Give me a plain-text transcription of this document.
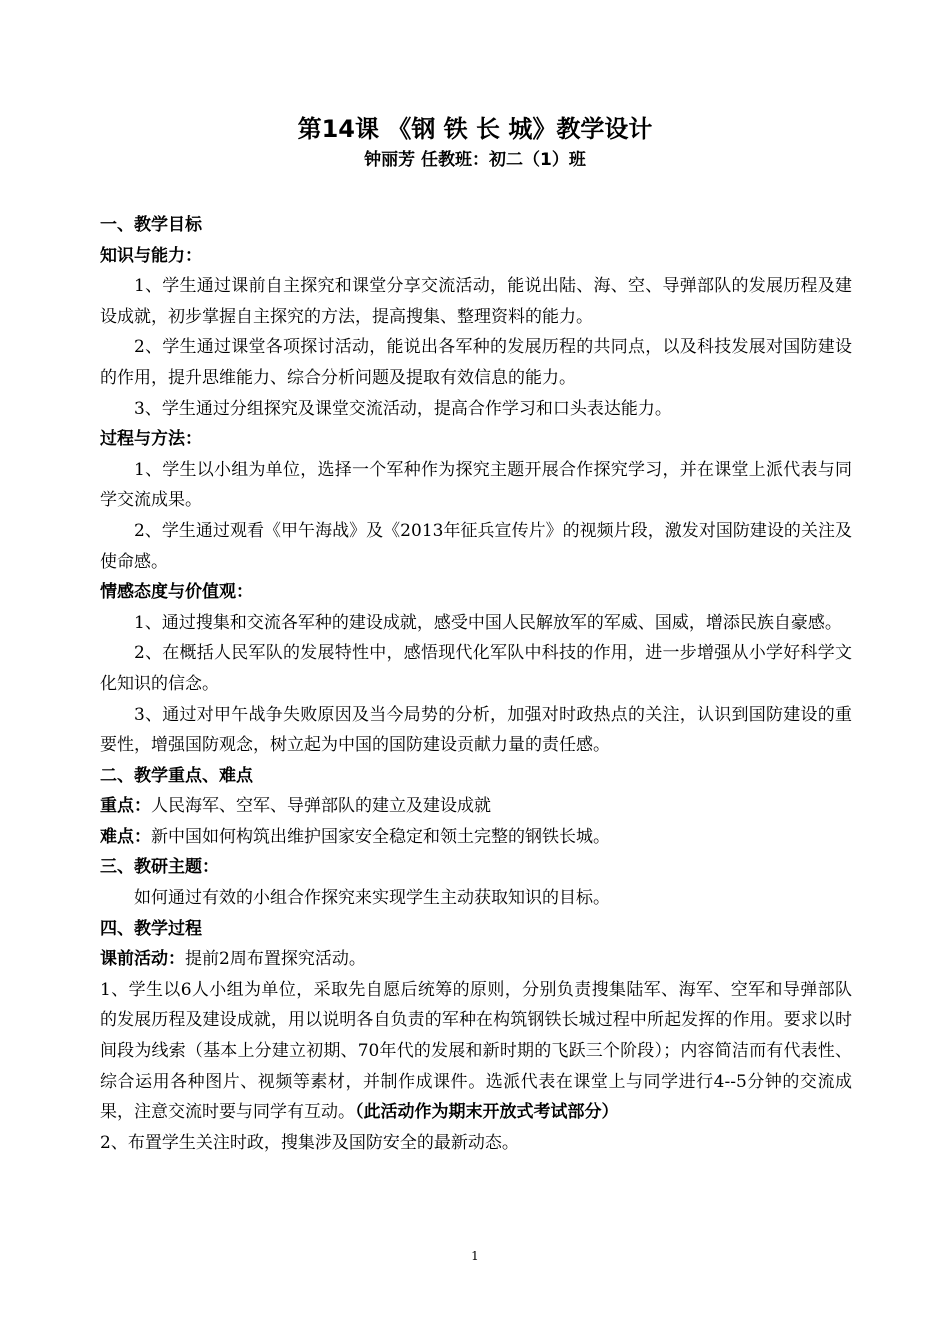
第14课 《钢 铁 长 城》教学设计
钟丽芳 任教班：初二（1）班

一、教学目标

知识与能力：

1、学生通过课前自主探究和课堂分享交流活动，能说出陆、海、空、导弹部队的发展历程及建设成就，初步掌握自主探究的方法，提高搜集、整理资料的能力。

2、学生通过课堂各项探讨活动，能说出各军种的发展历程的共同点，以及科技发展对国防建设的作用，提升思维能力、综合分析问题及提取有效信息的能力。

3、学生通过分组探究及课堂交流活动，提高合作学习和口头表达能力。

过程与方法：

1、学生以小组为单位，选择一个军种作为探究主题开展合作探究学习，并在课堂上派代表与同学交流成果。

2、学生通过观看《甲午海战》及《2013年征兵宣传片》的视频片段，激发对国防建设的关注及使命感。

情感态度与价值观：

1、通过搜集和交流各军种的建设成就，感受中国人民解放军的军威、国威，增添民族自豪感。

2、在概括人民军队的发展特性中，感悟现代化军队中科技的作用，进一步增强从小学好科学文化知识的信念。

3、通过对甲午战争失败原因及当今局势的分析，加强对时政热点的关注，认识到国防建设的重要性，增强国防观念，树立起为中国的国防建设贡献力量的责任感。

二、教学重点、难点

重点：人民海军、空军、导弹部队的建立及建设成就

难点：新中国如何构筑出维护国家安全稳定和领土完整的钢铁长城。

三、教研主题：

如何通过有效的小组合作探究来实现学生主动获取知识的目标。

四、教学过程

课前活动：提前2周布置探究活动。

1、学生以6人小组为单位，采取先自愿后统筹的原则，分别负责搜集陆军、海军、空军和导弹部队的发展历程及建设成就，用以说明各自负责的军种在构筑钢铁长城过程中所起发挥的作用。要求以时间段为线索（基本上分建立初期、70年代的发展和新时期的飞跃三个阶段）；内容简洁而有代表性、综合运用各种图片、视频等素材，并制作成课件。选派代表在课堂上与同学进行4--5分钟的交流成果，注意交流时要与同学有互动。（此活动作为期末开放式考试部分）

2、布置学生关注时政，搜集涉及国防安全的最新动态。

1
